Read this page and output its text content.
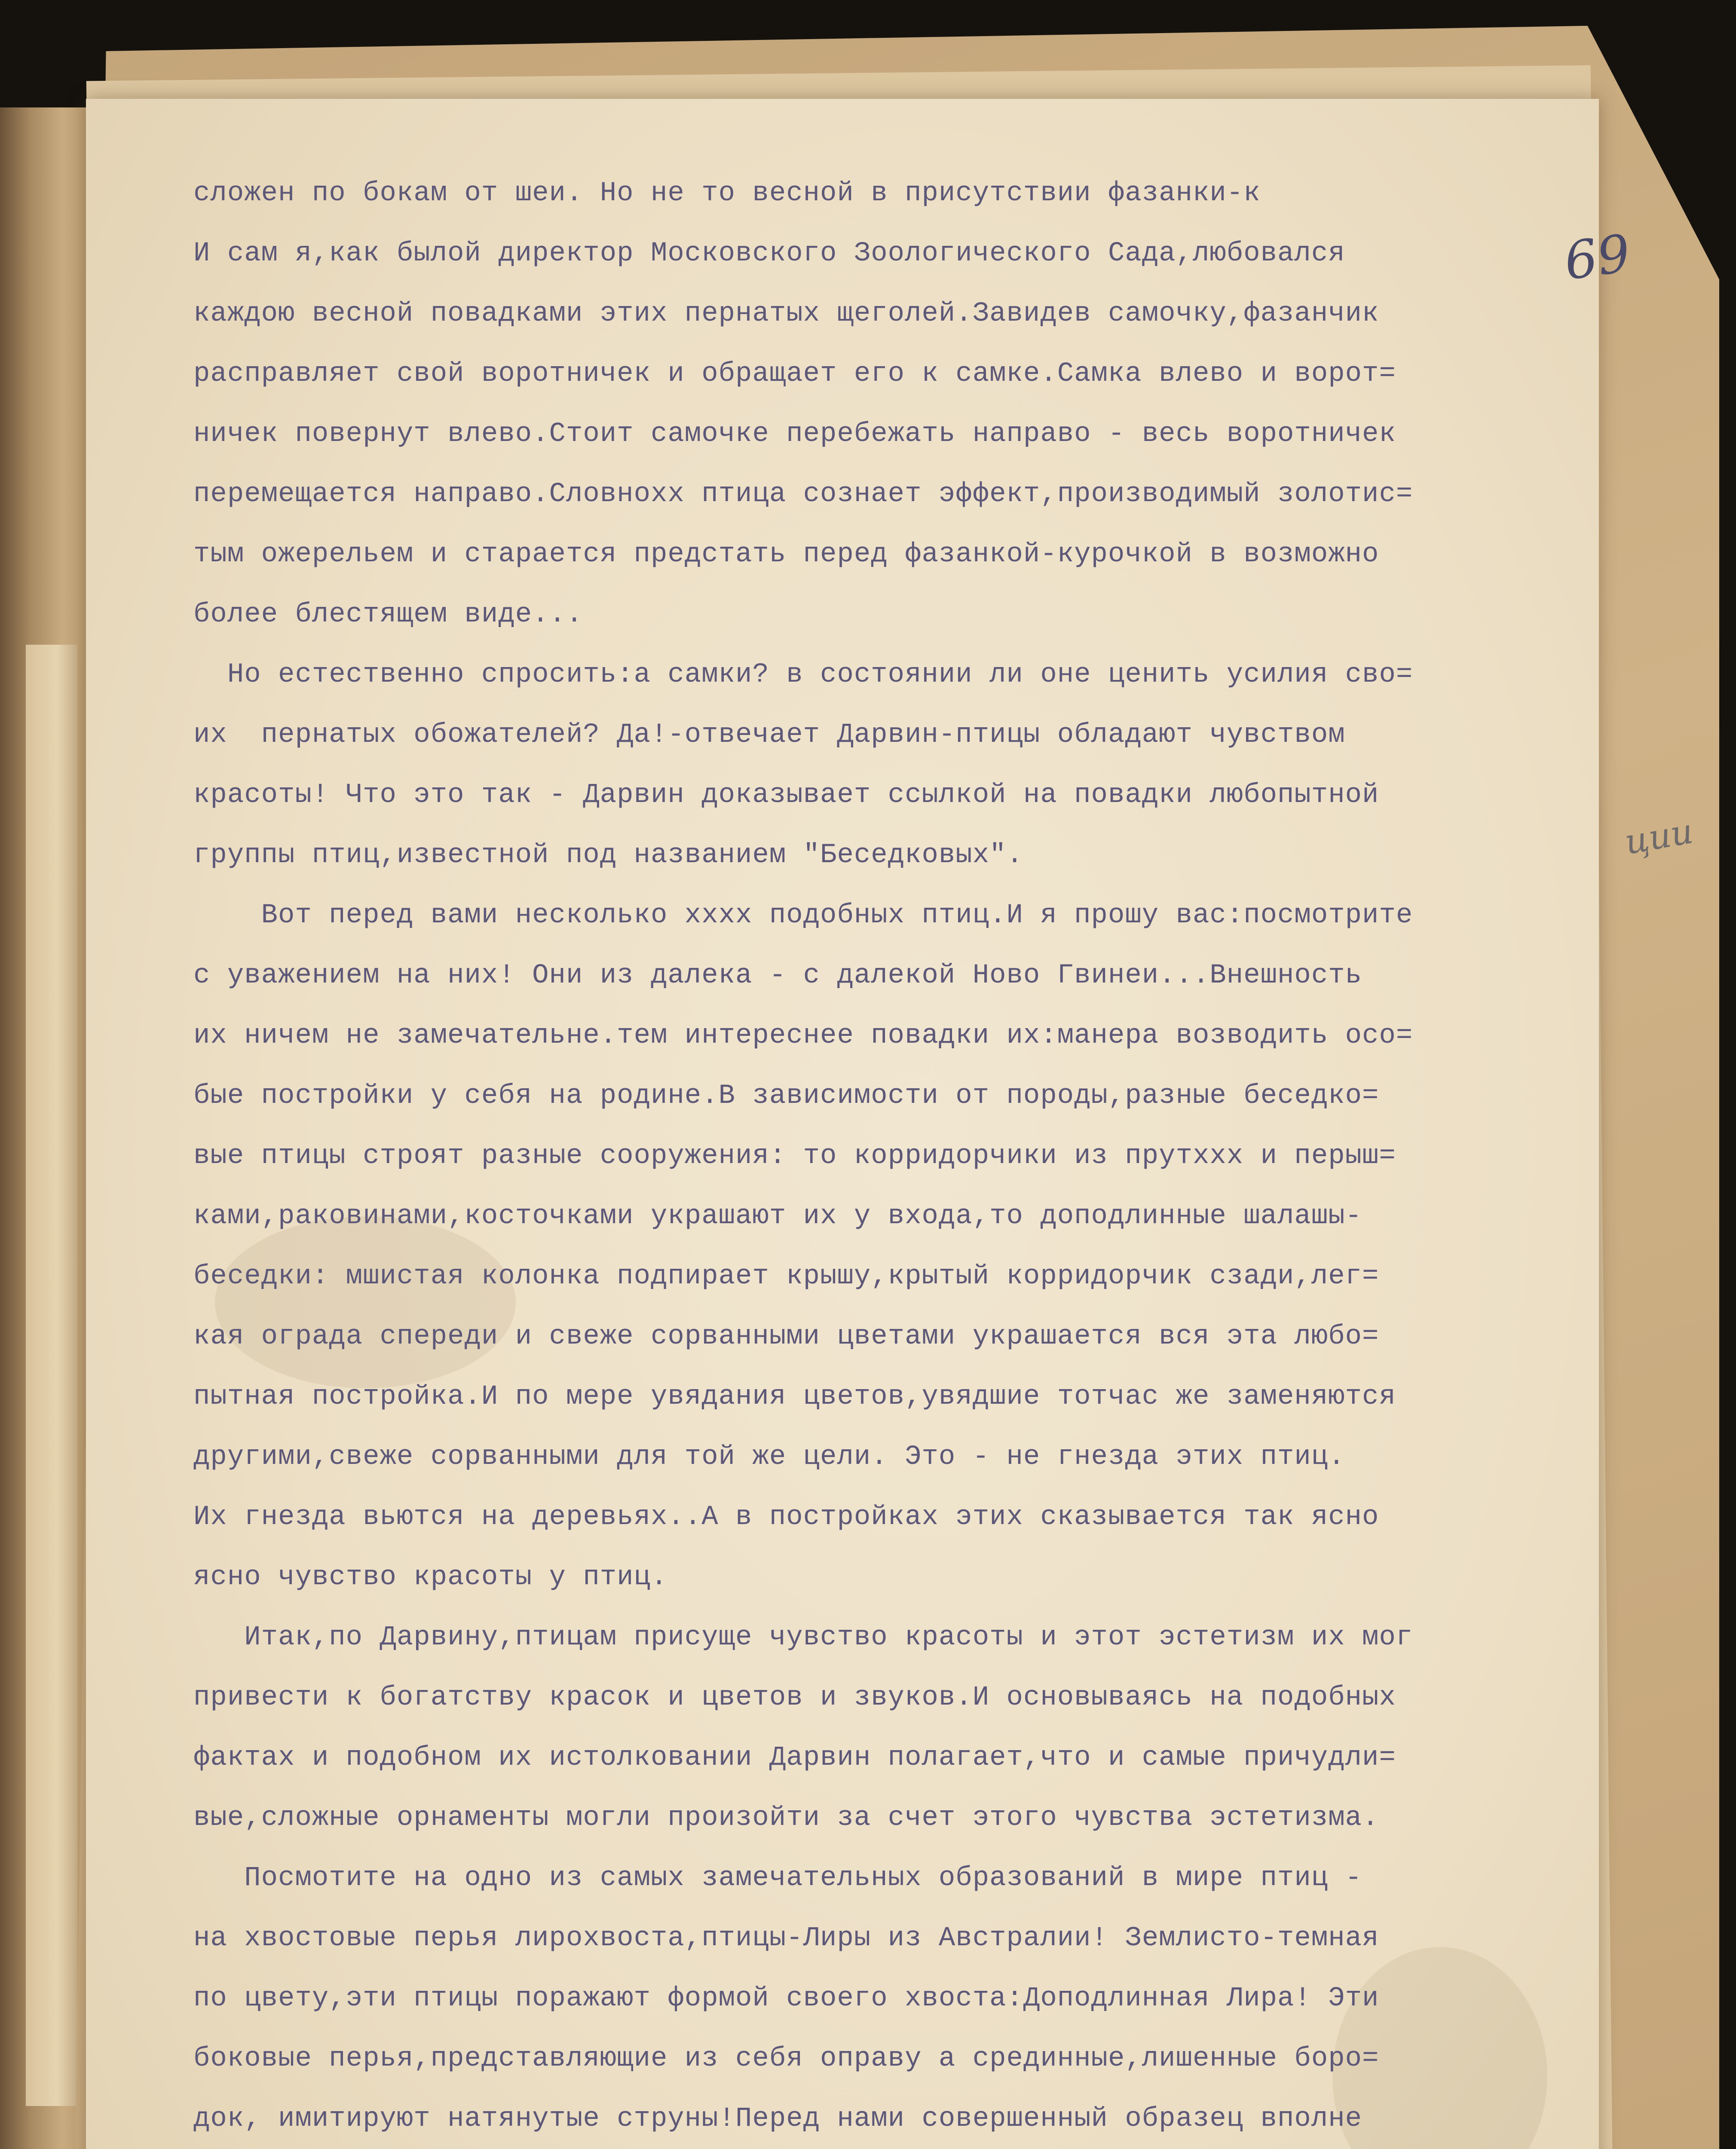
сложен по бокам от шеи. Но не то весной в присутствии фазанки-к
И сам я,как былой директор Московского Зоологического Сада,любовался
каждою весной повадками этих пернатых щеголей.Завидев самочку,фазанчик
расправляет свой воротничек и обращает его к самке.Самка влево и ворот=
ничек повернут влево.Стоит самочке перебежать направо - весь воротничек
перемещается направо.Словнохх птица сознает эффект,производимый золотис=
тым ожерельем и старается предстать перед фазанкой-курочкой в возможно
более блестящем виде...
Но естественно спросить:а самки? в состоянии ли оне ценить усилия сво=
их  пернатых обожателей? Да!-отвечает Дарвин-птицы обладают чувством
красоты! Что это так - Дарвин доказывает ссылкой на повадки любопытной
группы птиц,известной под названием "Беседковых".
Вот перед вами несколько хххх подобных птиц.И я прошу вас:посмотрите
с уважением на них! Они из далека - с далекой Ново Гвинеи...Внешность
их ничем не замечательне.тем интереснее повадки их:манера возводить осо=
бые постройки у себя на родине.В зависимости от породы,разные беседко=
вые птицы строят разные сооружения: то корридорчики из прутххх и перыш=
ками,раковинами,косточками украшают их у входа,то доподлинные шалашы-
беседки: мшистая колонка подпирает крышу,крытый корридорчик сзади,лег=
кая ограда спереди и свеже сорванными цветами украшается вся эта любо=
пытная постройка.И по мере увядания цветов,увядшие тотчас же заменяются
другими,свеже сорванными для той же цели. Это - не гнезда этих птиц.
Их гнезда вьются на деревьях..А в постройках этих сказывается так ясно
ясно чувство красоты у птиц.
Итак,по Дарвину,птицам присуще чувство красоты и этот эстетизм их мог
привести к богатству красок и цветов и звуков.И основываясь на подобных
фактах и подобном их истолковании Дарвин полагает,что и самые причудли=
вые,сложные орнаменты могли произойти за счет этого чувства эстетизма.
Посмотите на одно из самых замечательных образований в мире птиц -
на хвостовые перья лирохвоста,птицы-Лиры из Австралии! Землисто-темная
по цвету,эти птицы поражают формой своего хвоста:Доподлинная Лира! Эти
боковые перья,представляющие из себя оправу а срединные,лишенные боро=
док, имитируют натянутые струны!Перед нами совершенный образец вполне
69
ции
